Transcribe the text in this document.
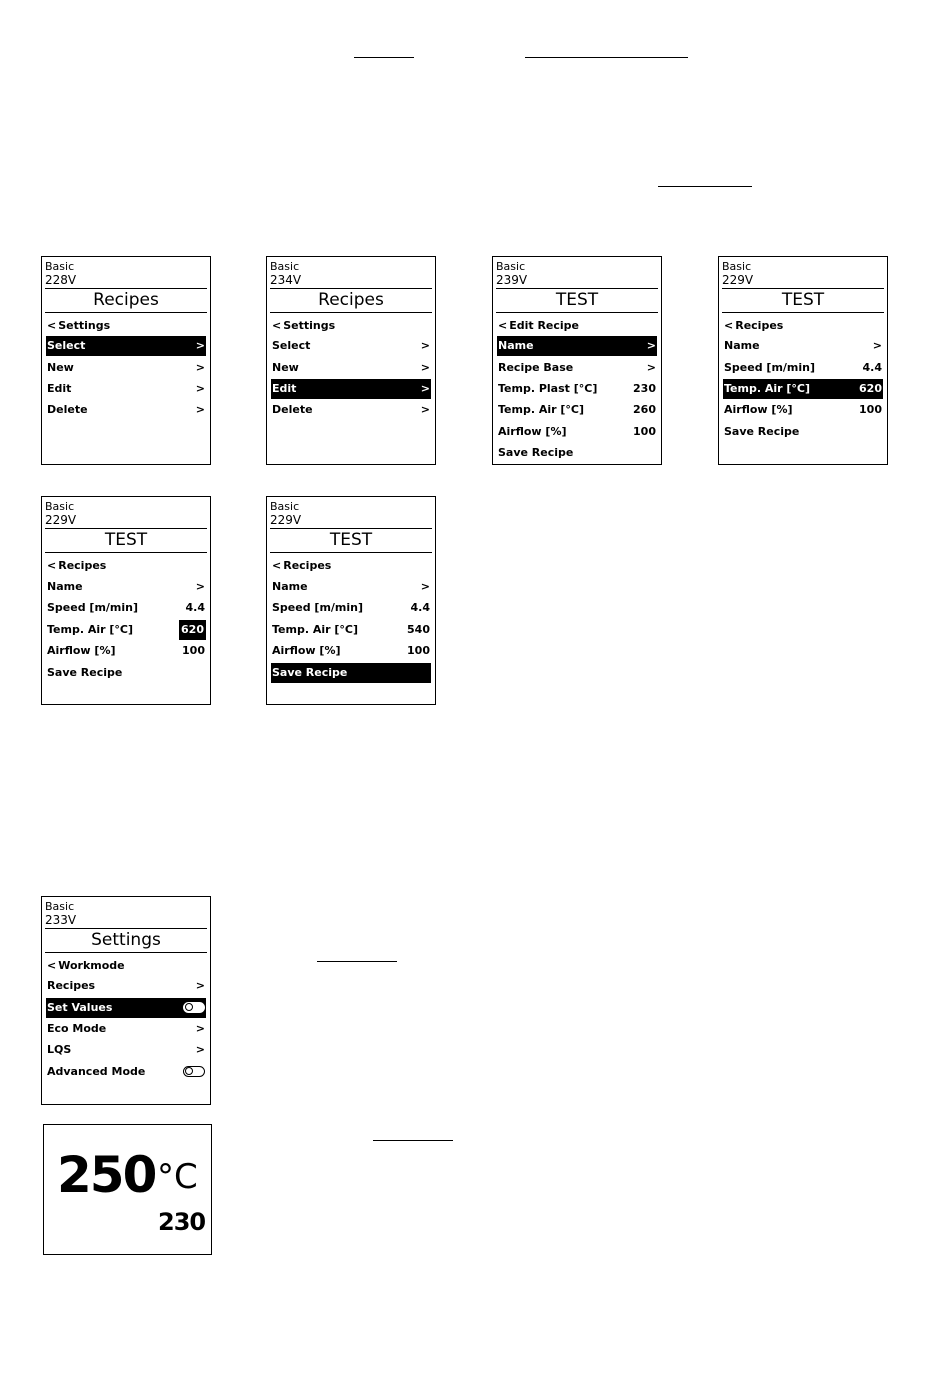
Basic
228V
Recipes
< Settings
Select	>
New	>
Edit	>
Delete	>
Basic
234V
Recipes
< Settings
Select	>
New	>
Edit	>
Delete	>
Basic
239V
TEST
< Edit Recipe
Name	>
Recipe Base	>
Temp. Plast [°C]	230
Temp. Air [°C]	260
Airflow [%]	100
Save Recipe
Basic
229V
TEST
< Recipes
Name	>
Speed [m/min]	4.4
Temp. Air [°C]	620
Airflow [%]	100
Save Recipe
Basic
229V
TEST
< Recipes
Name	>
Speed [m/min]	4.4
Temp. Air [°C]	620
Airflow [%]	100
Save Recipe
Basic
229V
TEST
< Recipes
Name	>
Speed [m/min]	4.4
Temp. Air [°C]	540
Airflow [%]	100
Save Recipe
Basic
233V
Settings
< Workmode
Recipes	>
Set Values
Eco Mode	>
LQS	>
Advanced Mode
250 °C
230
